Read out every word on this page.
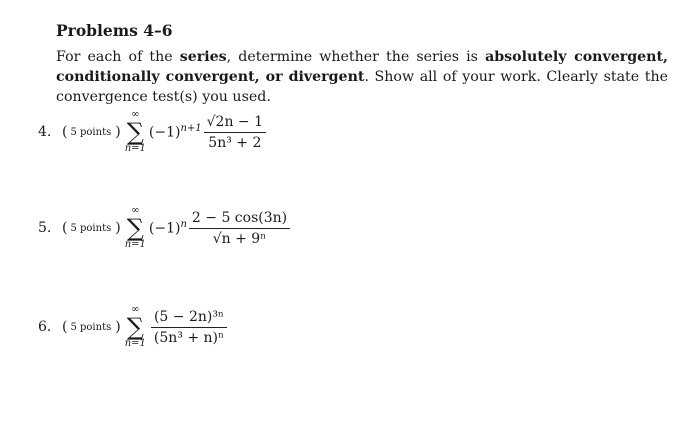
Problems 4–6
For each of the series, determine whether the series is absolutely convergent, conditionally convergent, or divergent. Show all of your work. Clearly state the convergence test(s) you used.
4. ( 5 points )
∞
∑
n=1
$(-1)^{n+1} \frac{√2n - 1}{\text{5n³ + 2}}$
5. ( 5 points )
∞
∑
n=1
$(-1)^n \frac{2 - 5 \cos(3n)}{\text{√n + 9ⁿ}}$
6. ( 5 points )
∞
∑
$n=1 \frac{\text{(5 − 2n)³ⁿ}}{\text{(5n³ + n)ⁿ}}$
